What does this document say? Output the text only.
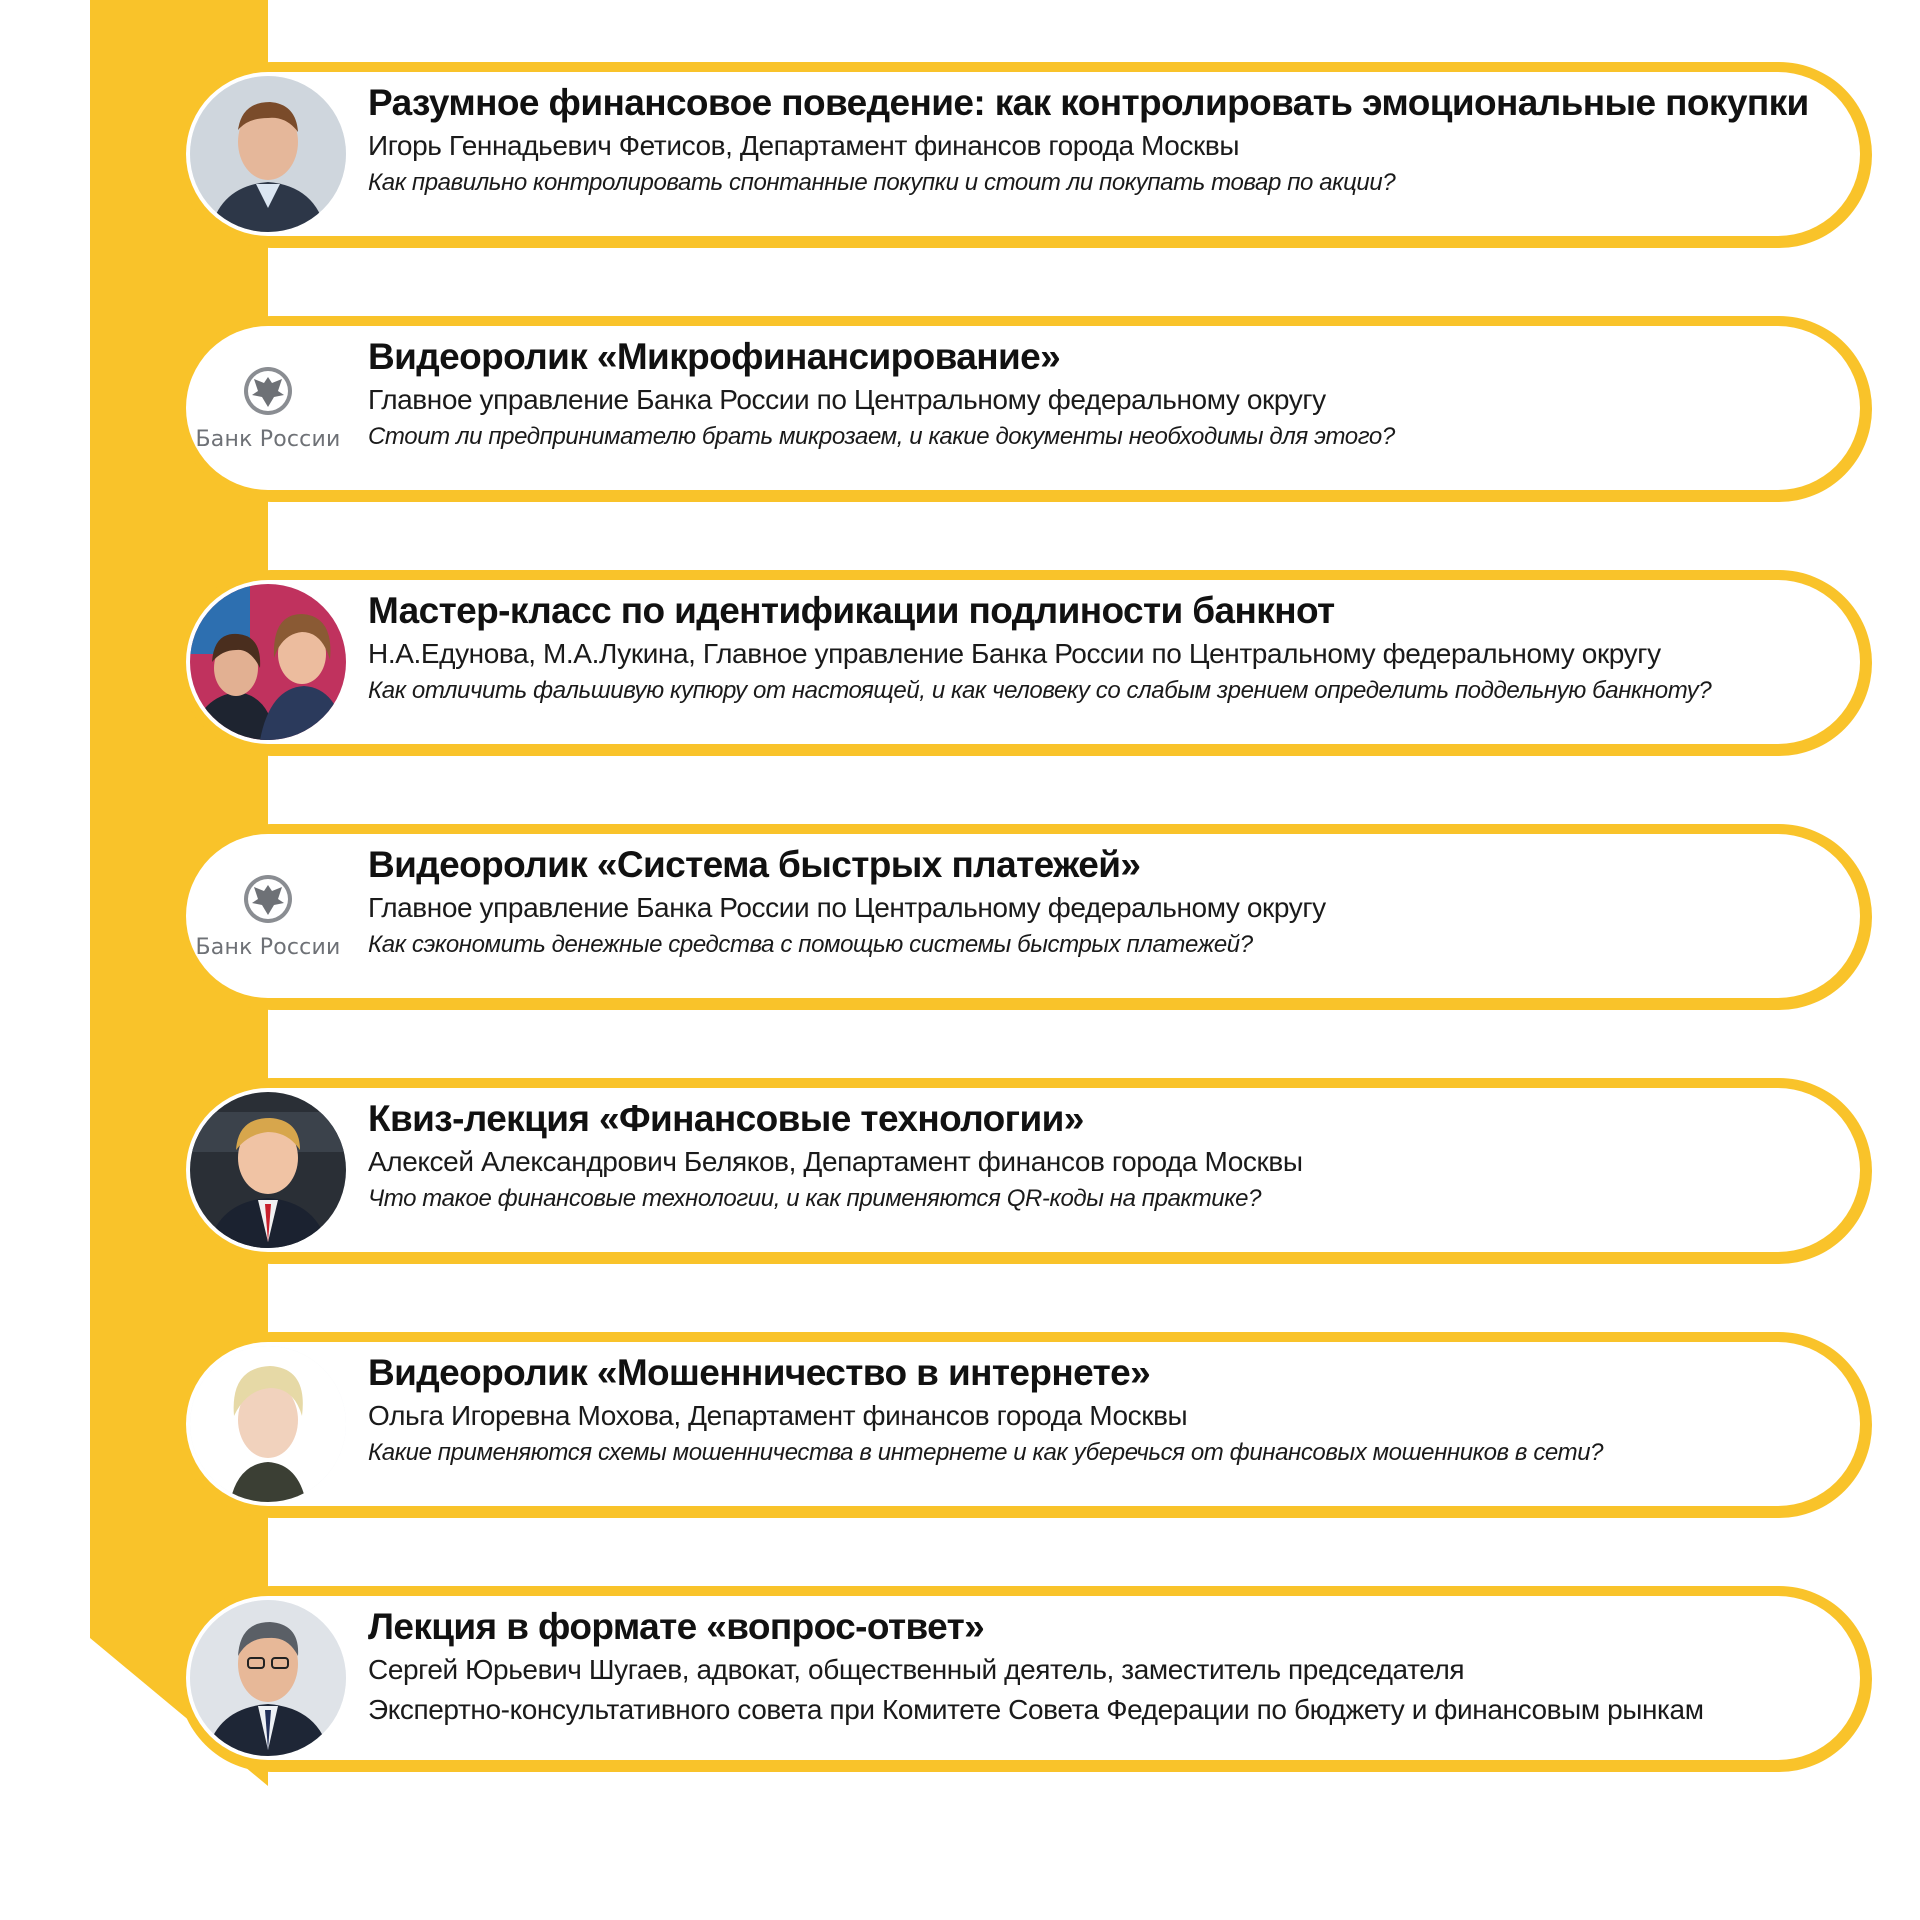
Разумное финансовое поведение: как контролировать эмоциональные покупки
Игорь Геннадьевич Фетисов, Департамент финансов города Москвы
Как правильно контролировать спонтанные покупки и стоит ли покупать товар по акции?
Банк России
Видеоролик «Микрофинансирование»
Главное управление Банка России по Центральному федеральному округу
Стоит ли предпринимателю брать микрозаем, и какие документы необходимы для этого?
Мастер-класс по идентификации подлиности банкнот
Н.А.Едунова, М.А.Лукина, Главное управление Банка России по Центральному федеральному округу
Как отличить фальшивую купюру от настоящей, и как человеку со слабым зрением определить поддельную банкноту?
Банк России
Видеоролик «Система быстрых платежей»
Главное управление Банка России по Центральному федеральному округу
Как сэкономить денежные средства с помощью системы быстрых платежей?
Квиз-лекция «Финансовые технологии»
Алексей Александрович Беляков, Департамент финансов города Москвы
Что такое финансовые технологии, и как применяются QR-коды на практике?
Видеоролик «Мошенничество в интернете»
Ольга Игоревна Мохова, Департамент финансов города Москвы
Какие применяются схемы мошенничества в интернете и как уберечься от финансовых мошенников в сети?
Лекция в формате «вопрос-ответ»
Сергей Юрьевич Шугаев, адвокат, общественный деятель, заместитель председателя
Экспертно-консультативного совета при Комитете Совета Федерации по бюджету и финансовым рынкам
